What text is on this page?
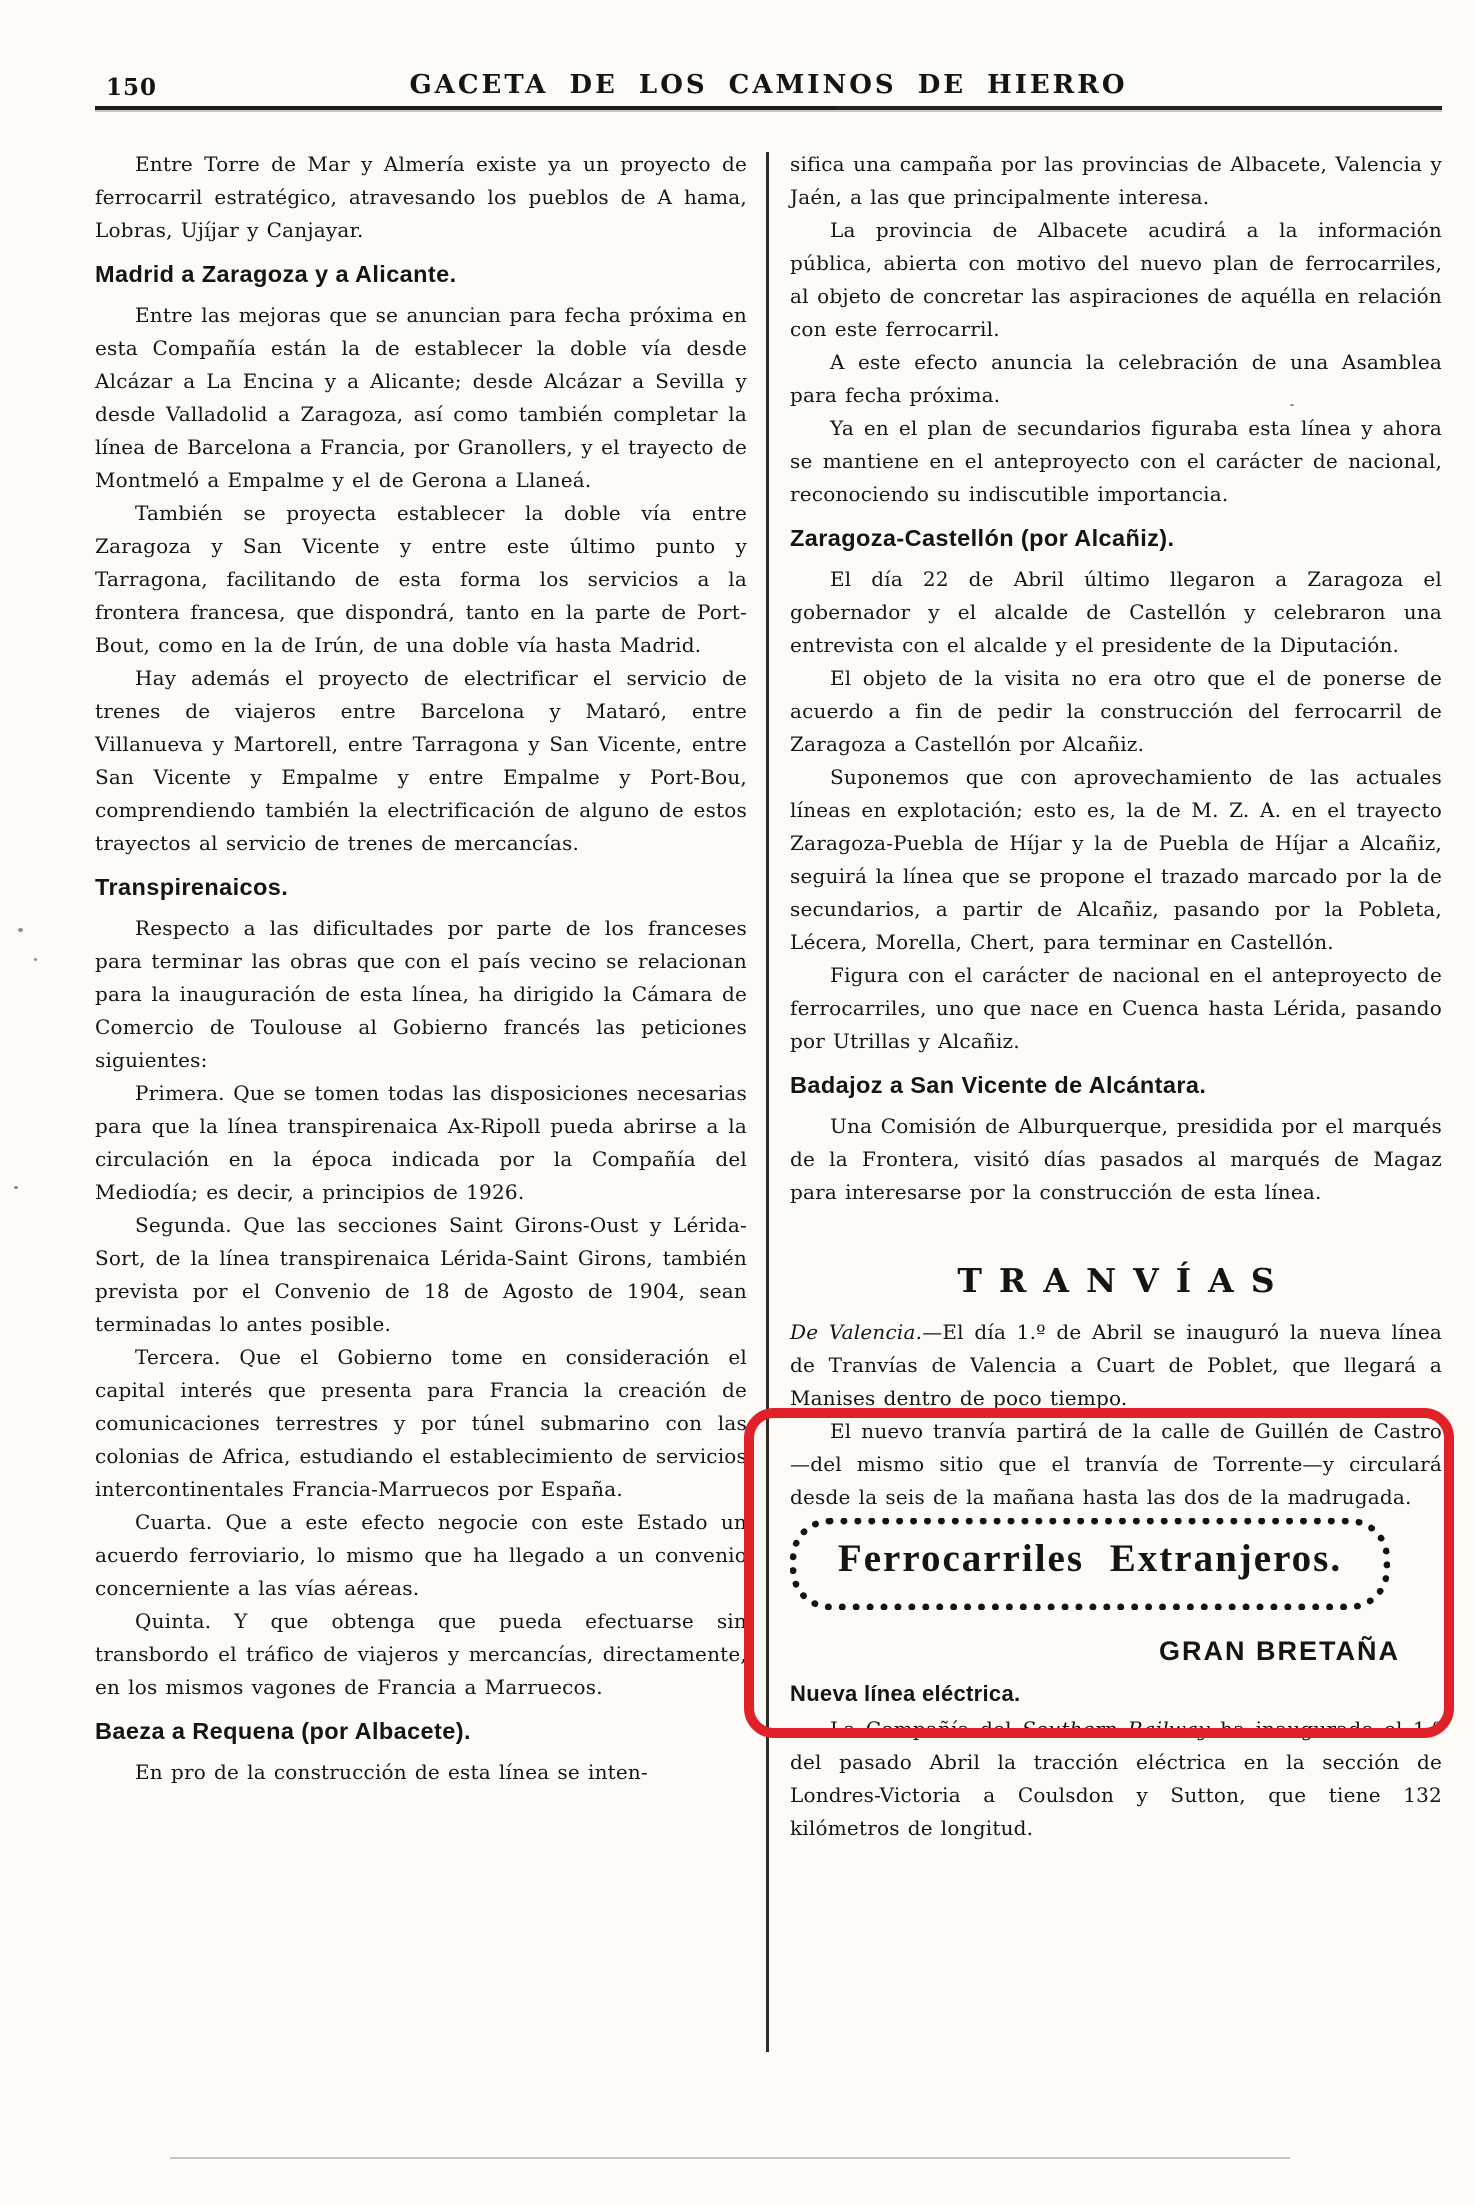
150	GACETA DE LOS CAMINOS DE HIERRO

Entre Torre de Mar y Almería existe ya un proyecto de ferrocarril estratégico, atravesando los pueblos de A hama, Lobras, Ujíjar y Canjayar.

Madrid a Zaragoza y a Alicante.

Entre las mejoras que se anuncian para fecha próxima en esta Compañía están la de establecer la doble vía desde Alcázar a La Encina y a Alicante; desde Alcázar a Sevilla y desde Valladolid a Zaragoza, así como también completar la línea de Barcelona a Francia, por Granollers, y el trayecto de Montmeló a Empalme y el de Gerona a Llaneá.

También se proyecta establecer la doble vía entre Zaragoza y San Vicente y entre este último punto y Tarragona, facilitando de esta forma los servicios a la frontera francesa, que dispondrá, tanto en la parte de Port-Bout, como en la de Irún, de una doble vía hasta Madrid.

Hay además el proyecto de electrificar el servicio de trenes de viajeros entre Barcelona y Mataró, entre Villanueva y Martorell, entre Tarragona y San Vicente, entre San Vicente y Empalme y entre Empalme y Port-Bou, comprendiendo también la electrificación de alguno de estos trayectos al servicio de trenes de mercancías.

Transpirenaicos.

Respecto a las dificultades por parte de los franceses para terminar las obras que con el país vecino se relacionan para la inauguración de esta línea, ha dirigido la Cámara de Comercio de Toulouse al Gobierno francés las peticiones siguientes:

Primera. Que se tomen todas las disposiciones necesarias para que la línea transpirenaica Ax-Ripoll pueda abrirse a la circulación en la época indicada por la Compañía del Mediodía; es decir, a principios de 1926.

Segunda. Que las secciones Saint Girons-Oust y Lérida-Sort, de la línea transpirenaica Lérida-Saint Girons, también prevista por el Convenio de 18 de Agosto de 1904, sean terminadas lo antes posible.

Tercera. Que el Gobierno tome en consideración el capital interés que presenta para Francia la creación de comunicaciones terrestres y por túnel submarino con las colonias de Africa, estudiando el establecimiento de servicios intercontinentales Francia-Marruecos por España.

Cuarta. Que a este efecto negocie con este Estado un acuerdo ferroviario, lo mismo que ha llegado a un convenio concerniente a las vías aéreas.

Quinta. Y que obtenga que pueda efectuarse sin transbordo el tráfico de viajeros y mercancías, directamente, en los mismos vagones de Francia a Marruecos.

Baeza a Requena (por Albacete).

En pro de la construcción de esta línea se inten-

sifica una campaña por las provincias de Albacete, Valencia y Jaén, a las que principalmente interesa.

La provincia de Albacete acudirá a la información pública, abierta con motivo del nuevo plan de ferrocarriles, al objeto de concretar las aspiraciones de aquélla en relación con este ferrocarril.

A este efecto anuncia la celebración de una Asamblea para fecha próxima.

Ya en el plan de secundarios figuraba esta línea y ahora se mantiene en el anteproyecto con el carácter de nacional, reconociendo su indiscutible importancia.

Zaragoza-Castellón (por Alcañiz).

El día 22 de Abril último llegaron a Zaragoza el gobernador y el alcalde de Castellón y celebraron una entrevista con el alcalde y el presidente de la Diputación.

El objeto de la visita no era otro que el de ponerse de acuerdo a fin de pedir la construcción del ferrocarril de Zaragoza a Castellón por Alcañiz.

Suponemos que con aprovechamiento de las actuales líneas en explotación; esto es, la de M. Z. A. en el trayecto Zaragoza-Puebla de Híjar y la de Puebla de Híjar a Alcañiz, seguirá la línea que se propone el trazado marcado por la de secundarios, a partir de Alcañiz, pasando por la Pobleta, Lécera, Morella, Chert, para terminar en Castellón.

Figura con el carácter de nacional en el anteproyecto de ferrocarriles, uno que nace en Cuenca hasta Lérida, pasando por Utrillas y Alcañiz.

Badajoz a San Vicente de Alcántara.

Una Comisión de Alburquerque, presidida por el marqués de la Frontera, visitó días pasados al marqués de Magaz para interesarse por la construcción de esta línea.

TRANVÍAS

De Valencia.—El día 1.º de Abril se inauguró la nueva línea de Tranvías de Valencia a Cuart de Poblet, que llegará a Manises dentro de poco tiempo.

El nuevo tranvía partirá de la calle de Guillén de Castro—del mismo sitio que el tranvía de Torrente—y circulará desde la seis de la mañana hasta las dos de la madrugada.

Ferrocarriles Extranjeros.
GRAN BRETAÑA
Nueva línea eléctrica.

La Compañía del Southern Railway ha inaugurado el 1.º del pasado Abril la tracción eléctrica en la sección de Londres-Victoria a Coulsdon y Sutton, que tiene 132 kilómetros de longitud.
